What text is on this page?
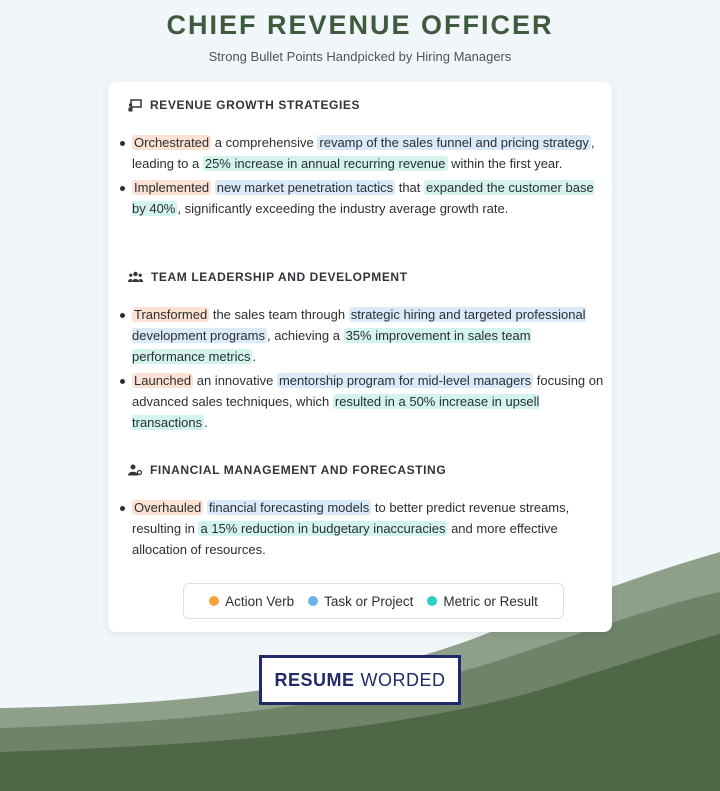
CHIEF REVENUE OFFICER
Strong Bullet Points Handpicked by Hiring Managers
REVENUE GROWTH STRATEGIES
Orchestrated a comprehensive revamp of the sales funnel and pricing strategy , leading to a 25% increase in annual recurring revenue within the first year.
Implemented new market penetration tactics that expanded the customer base by 40% , significantly exceeding the industry average growth rate.
TEAM LEADERSHIP AND DEVELOPMENT
Transformed the sales team through strategic hiring and targeted professional development programs , achieving a 35% improvement in sales team performance metrics .
Launched an innovative mentorship program for mid-level managers focusing on advanced sales techniques, which resulted in a 50% increase in upsell transactions .
FINANCIAL MANAGEMENT AND FORECASTING
Overhauled financial forecasting models to better predict revenue streams, resulting in a 15% reduction in budgetary inaccuracies and more effective allocation of resources.
Action Verb Task or Project Metric or Result
RESUME WORDED
